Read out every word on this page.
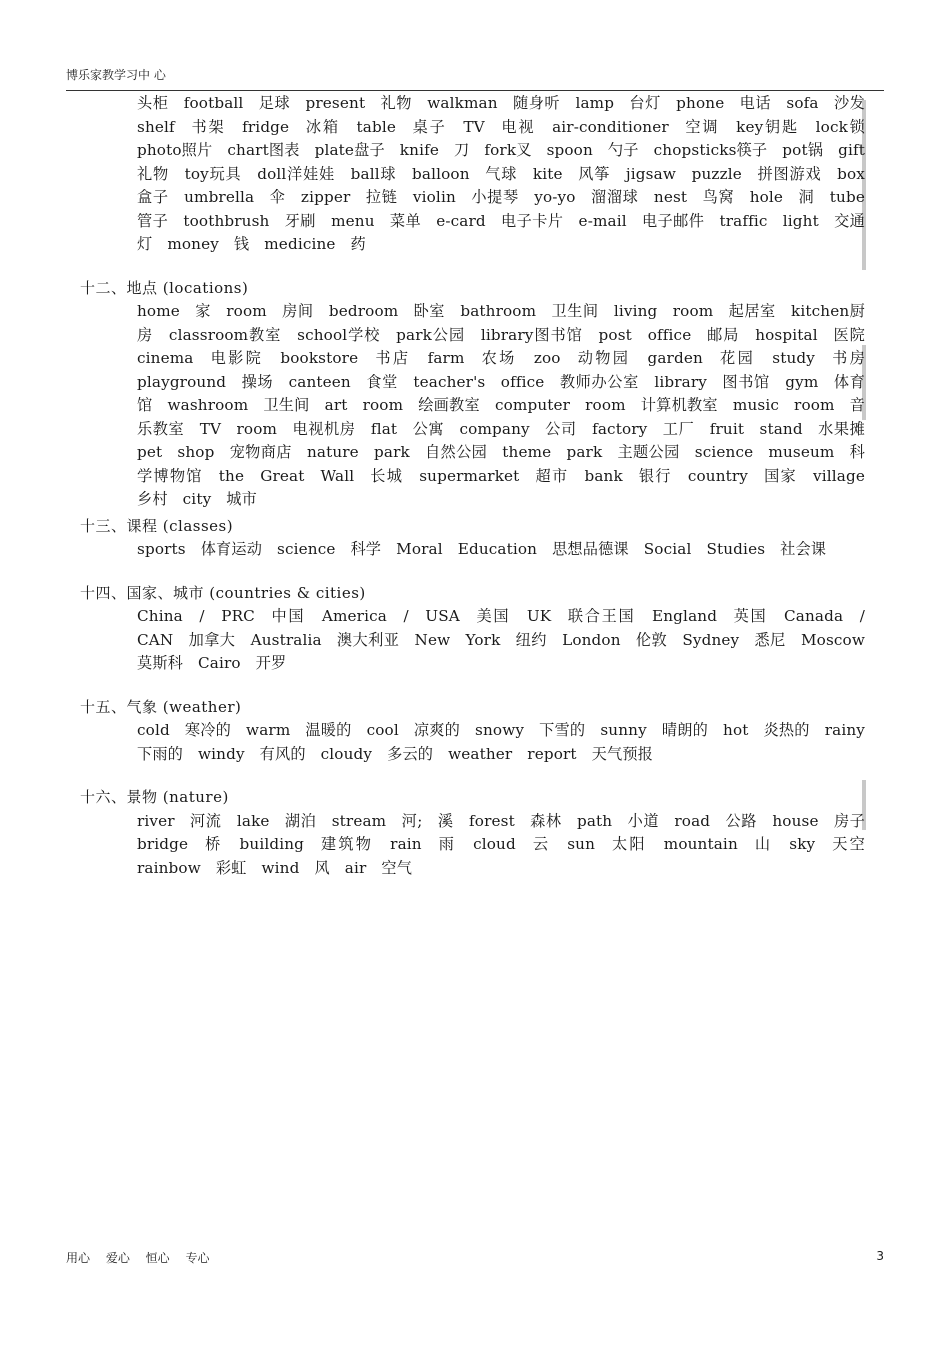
博乐家教学习中 心
头柜 football 足球 present 礼物 walkman 随身听 lamp 台灯 phone 电话 sofa 沙发 shelf 书架 fridge 冰箱 table 桌子 TV 电视 air-conditioner 空调 key钥匙 lock锁 photo照片 chart图表 plate盘子 knife 刀 fork叉 spoon 勺子 chopsticks筷子 pot锅 gift礼物 toy玩具 doll洋娃娃 ball球 balloon 气球 kite 风筝 jigsaw puzzle 拼图游戏 box 盒子 umbrella 伞 zipper 拉链 violin 小提琴 yo-yo 溜溜球 nest 鸟窝 hole 洞 tube 管子 toothbrush 牙刷 menu 菜单 e-card 电子卡片 e-mail 电子邮件 traffic light 交通灯 money 钱 medicine 药
十二、地点 (locations)
home 家 room 房间 bedroom 卧室 bathroom 卫生间 living room 起居室 kitchen厨房 classroom教室 school学校 park公园 library图书馆 post office 邮局 hospital 医院 cinema 电影院 bookstore 书店 farm 农场 zoo 动物园 garden 花园 study 书房 playground 操场 canteen 食堂 teacher's office 教师办公室 library 图书馆 gym 体育馆 washroom 卫生间 art room 绘画教室 computer room 计算机教室 music room 音乐教室 TV room 电视机房 flat 公寓 company 公司 factory 工厂 fruit stand 水果摊 pet shop 宠物商店 nature park 自然公园 theme park 主题公园 science museum 科学博物馆 the Great Wall 长城 supermarket 超市 bank 银行 country 国家 village 乡村 city 城市
十三、课程 (classes)
sports 体育运动 science 科学 Moral Education 思想品德课 Social Studies 社会课
十四、国家、城市 (countries & cities)
China / PRC 中国 America / USA 美国 UK 联合王国 England 英国 Canada / CAN 加拿大 Australia 澳大利亚 New York 纽约 London 伦敦 Sydney 悉尼 Moscow 莫斯科 Cairo 开罗
十五、气象 (weather)
cold 寒冷的 warm 温暖的 cool 凉爽的 snowy 下雪的 sunny 晴朗的 hot 炎热的 rainy 下雨的 windy 有风的 cloudy 多云的 weather report 天气预报
十六、景物 (nature)
river 河流 lake 湖泊 stream 河; 溪 forest 森林 path 小道 road 公路 house 房子 bridge 桥 building 建筑物 rain 雨 cloud 云 sun 太阳 mountain 山 sky 天空 rainbow 彩虹 wind 风 air 空气
用心 爱心 恒心 专心	3
